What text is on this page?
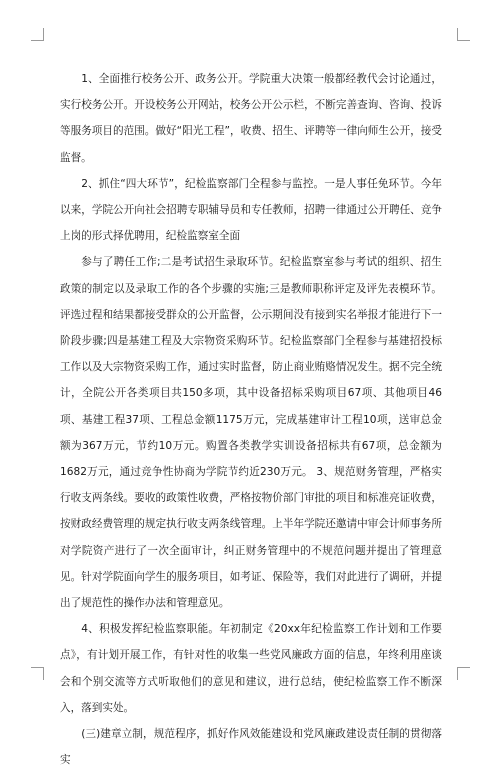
1、全面推行校务公开、政务公开。学院重大决策一般都经教代会讨论通过，实行校务公开。开设校务公开网站，校务公开公示栏，不断完善查询、咨询、投诉等服务项目的范围。做好“阳光工程”，收费、招生、评聘等一律向师生公开，接受监督。

2、抓住“四大环节”，纪检监察部门全程参与监控。一是人事任免环节。今年以来，学院公开向社会招聘专职辅导员和专任教师，招聘一律通过公开聘任、竞争上岗的形式择优聘用，纪检监察室全面

参与了聘任工作;二是考试招生录取环节。纪检监察室参与考试的组织、招生政策的制定以及录取工作的各个步骤的实施;三是教师职称评定及评先表模环节。评选过程和结果都接受群众的公开监督，公示期间没有接到实名举报才能进行下一阶段步骤;四是基建工程及大宗物资采购环节。纪检监察部门全程参与基建招投标工作以及大宗物资采购工作，通过实时监督，防止商业贿赂情况发生。据不完全统计，全院公开各类项目共150多项，其中设备招标采购项目67项、其他项目46项、基建工程37项、工程总金额1175万元，完成基建审计工程10项，送审总金额为367万元，节约10万元。购置各类教学实训设备招标共有67项，总金额为1682万元，通过竞争性协商为学院节约近230万元。 3、规范财务管理，严格实行收支两条线。要收的政策性收费，严格按物价部门审批的项目和标准亮证收费，按财政经费管理的规定执行收支两条线管理。上半年学院还邀请中审会计师事务所对学院资产进行了一次全面审计，纠正财务管理中的不规范问题并提出了管理意见。针对学院面向学生的服务项目，如考证、保险等，我们对此进行了调研，并提出了规范性的操作办法和管理意见。

4、积极发挥纪检监察职能。年初制定《20xx年纪检监察工作计划和工作要点》，有计划开展工作，有针对性的收集一些党风廉政方面的信息，年终利用座谈会和个别交流等方式听取他们的意见和建议，进行总结，使纪检监察工作不断深入，落到实处。

(三)建章立制，规范程序，抓好作风效能建设和党风廉政建设责任制的贯彻落实
